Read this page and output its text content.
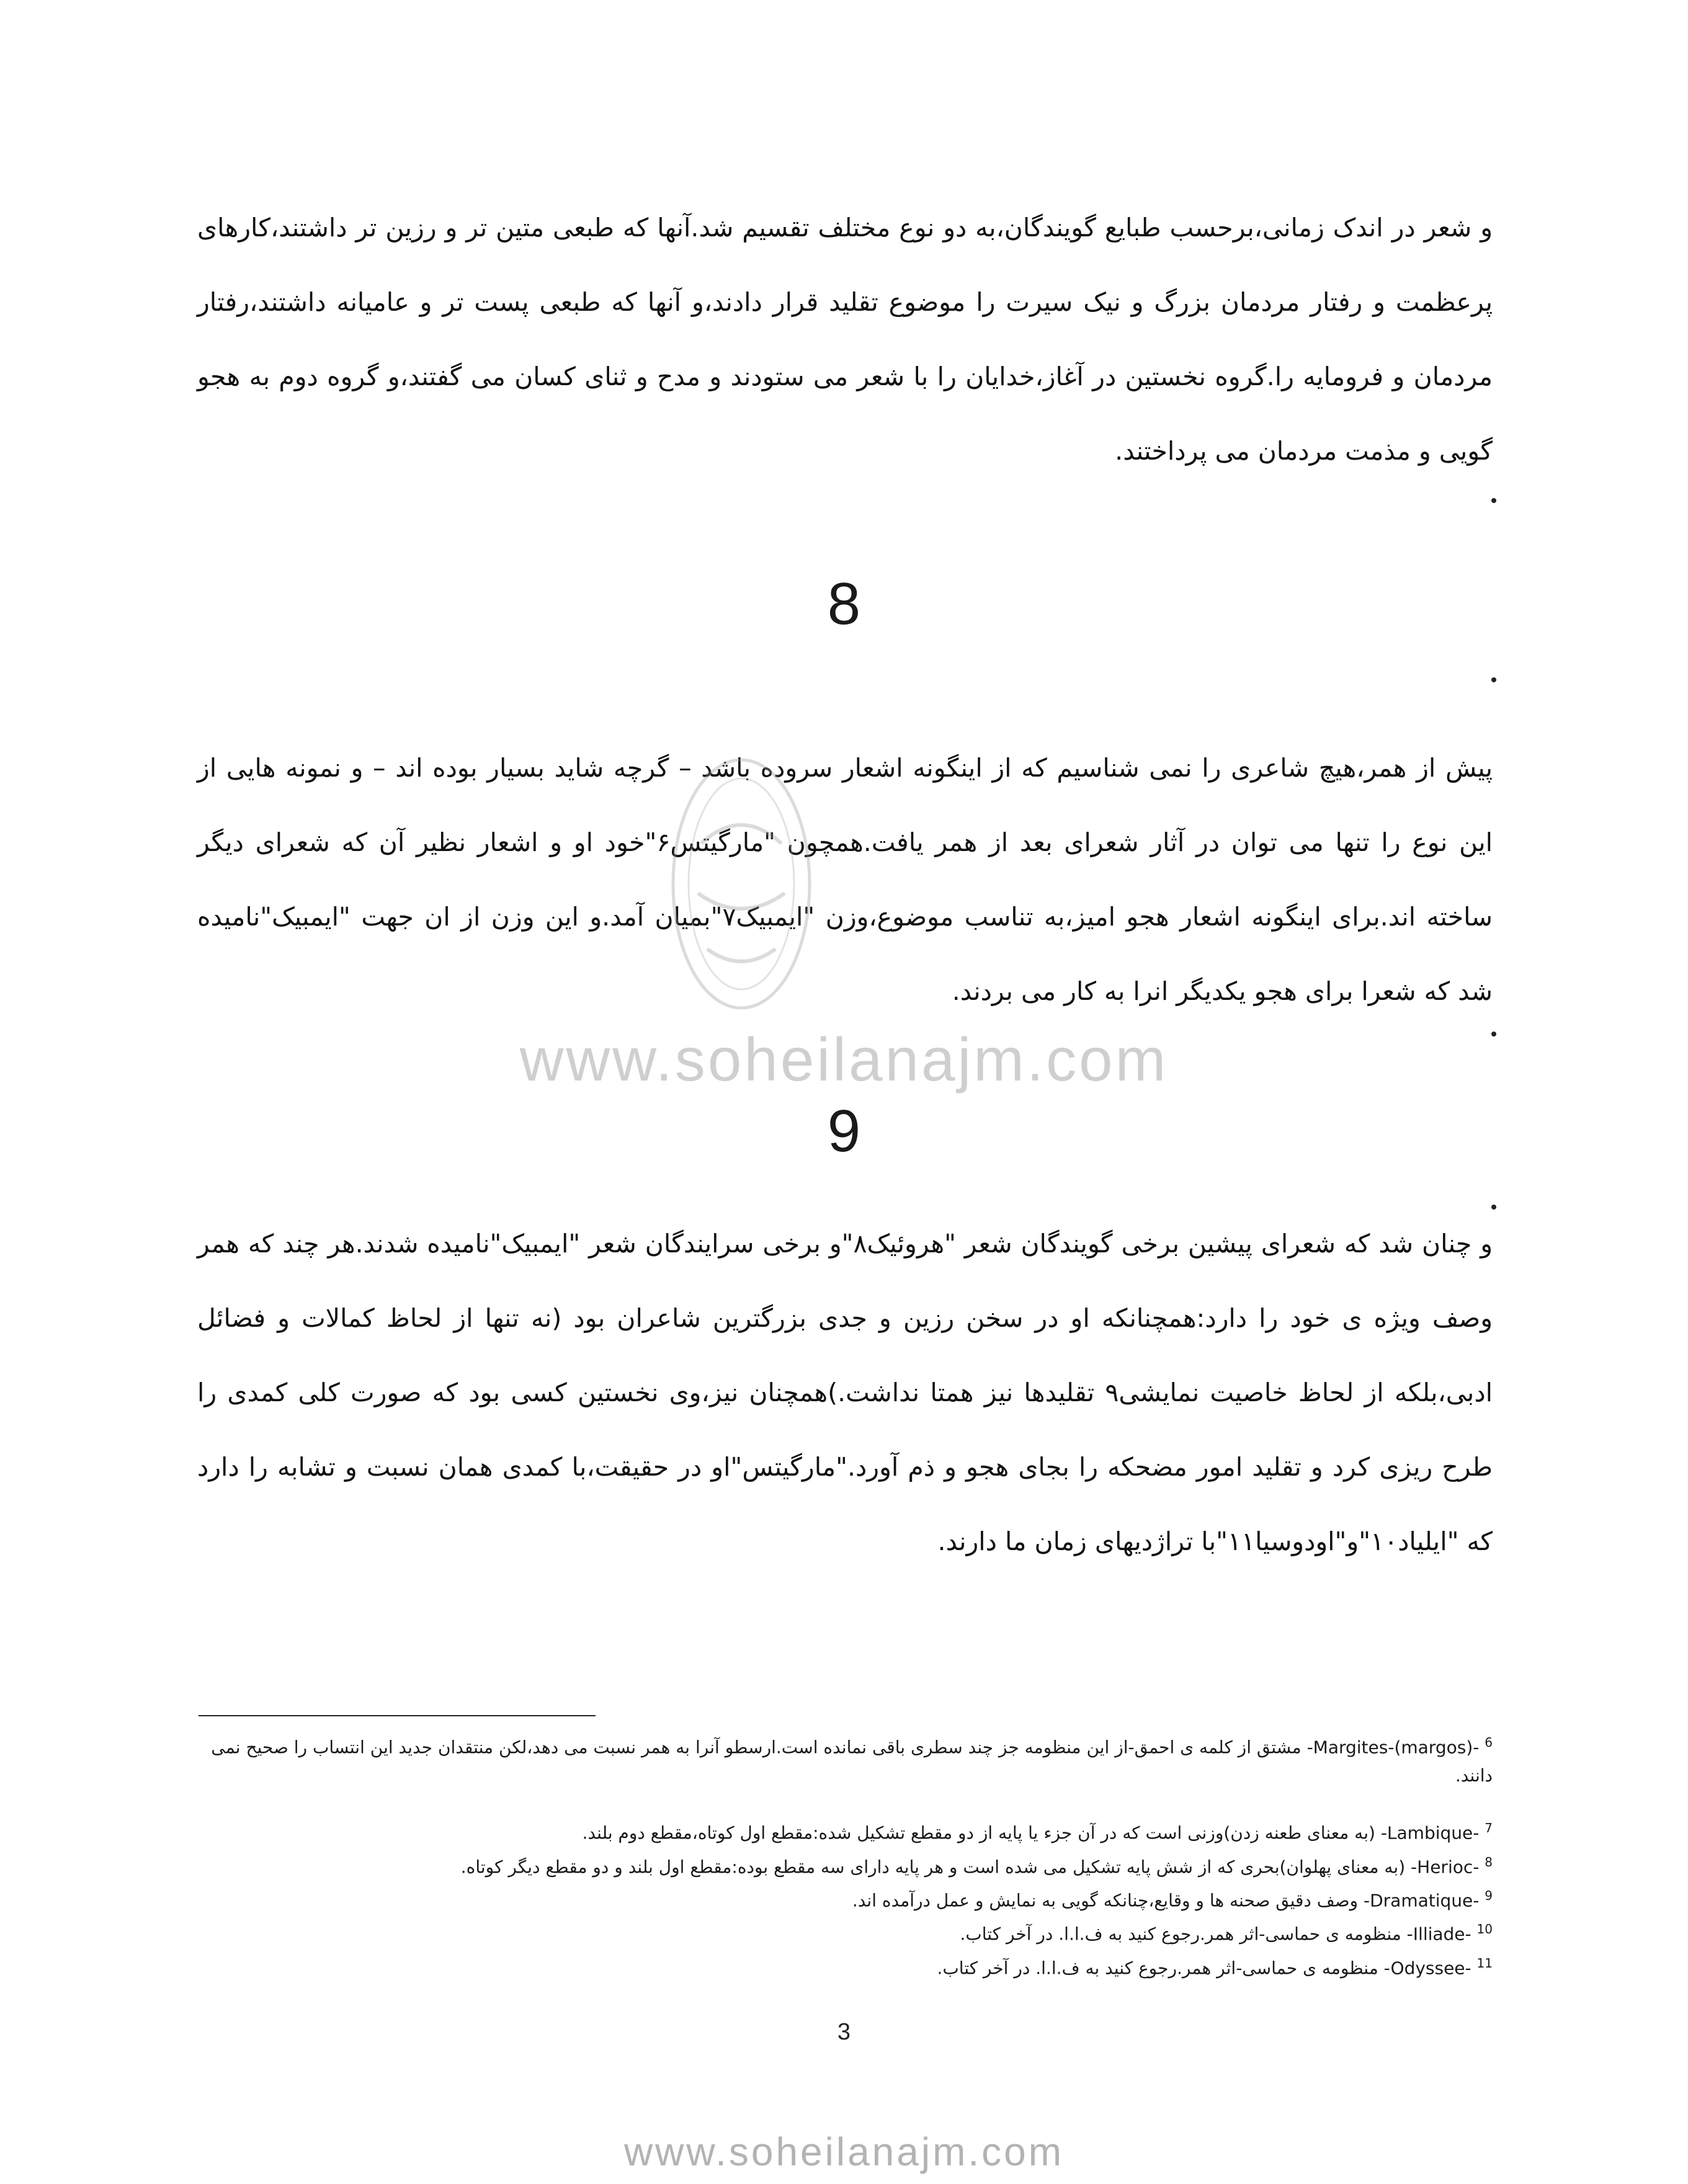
و شعر در اندک زمانی،برحسب طبایع گویندگان،به دو نوع مختلف تقسیم شد.آنها که طبعی متین تر و رزین تر داشتند،کارهای پرعظمت و رفتار مردمان بزرگ و نیک سیرت را موضوع تقلید قرار دادند،و آنها که طبعی پست تر و عامیانه داشتند،رفتار مردمان و فرومایه را.گروه نخستین در آغاز،خدایان را با شعر می ستودند و مدح و ثنای کسان می گفتند،و گروه دوم به هجو گویی و مذمت مردمان می پرداختند.

8

پیش از همر،هیچ شاعری را نمی شناسیم که از اینگونه اشعار سروده باشد – گرچه شاید بسیار بوده اند – و نمونه هایی از این نوع را تنها می توان در آثار شعرای بعد از همر یافت.همچون "مارگیتس۶"خود او و اشعار نظیر آن که شعرای دیگر ساخته اند.برای اینگونه اشعار هجو امیز،به تناسب موضوع،وزن "ایمبیک۷"بمیان آمد.و این وزن از ان جهت "ایمبیک"نامیده شد که شعرا برای هجو یکدیگر انرا به کار می بردند.

www.soheilanajm.com
9

و چنان شد که شعرای پیشین برخی گویندگان شعر "هروئیک۸"و برخی سرایندگان شعر "ایمبیک"نامیده شدند.هر چند که همر وصف ویژه ی خود را دارد:همچنانکه او در سخن رزین و جدی بزرگترین شاعران بود (نه تنها از لحاظ کمالات و فضائل ادبی،بلکه از لحاظ خاصیت نمایشی۹ تقلیدها نیز همتا نداشت.)همچنان نیز،وی نخستین کسی بود که صورت کلی کمدی را طرح ریزی کرد و تقلید امور مضحکه را بجای هجو و ذم آورد."مارگیتس"او در حقیقت،با کمدی همان نسبت و تشابه را دارد که "ایلیاد۱۰"و"اودوسیا۱۱"با تراژدیهای زمان ما دارند.

$^6$ -Margites-(margos)- مشتق از کلمه ی احمق-از این منظومه جز چند سطری باقی نمانده است.ارسطو آنرا به همر نسبت می دهد،لکن منتقدان جدید این انتساب را صحیح نمی دانند.
$^7$ -Lambique- (به معنای طعنه زدن)وزنی است که در آن جزء یا پایه از دو مقطع تشکیل شده:مقطع اول کوتاه،مقطع دوم بلند.
$^8$ -Herioc- (به معنای پهلوان)بحری که از شش پایه تشکیل می شده است و هر پایه دارای سه مقطع بوده:مقطع اول بلند و دو مقطع دیگر کوتاه.
$^9$ -Dramatique- وصف دقیق صحنه ها و وقایع،چنانکه گویی به نمایش و عمل درآمده اند.
$^{10}$ -Illiade- منظومه ی حماسی-اثر همر.رجوع کنید به ف.ا.ا. در آخر کتاب.
$^{11}$ -Odyssee- منظومه ی حماسی-اثر همر.رجوع کنید به ف.ا.ا. در آخر کتاب.
3
www.soheilanajm.com
